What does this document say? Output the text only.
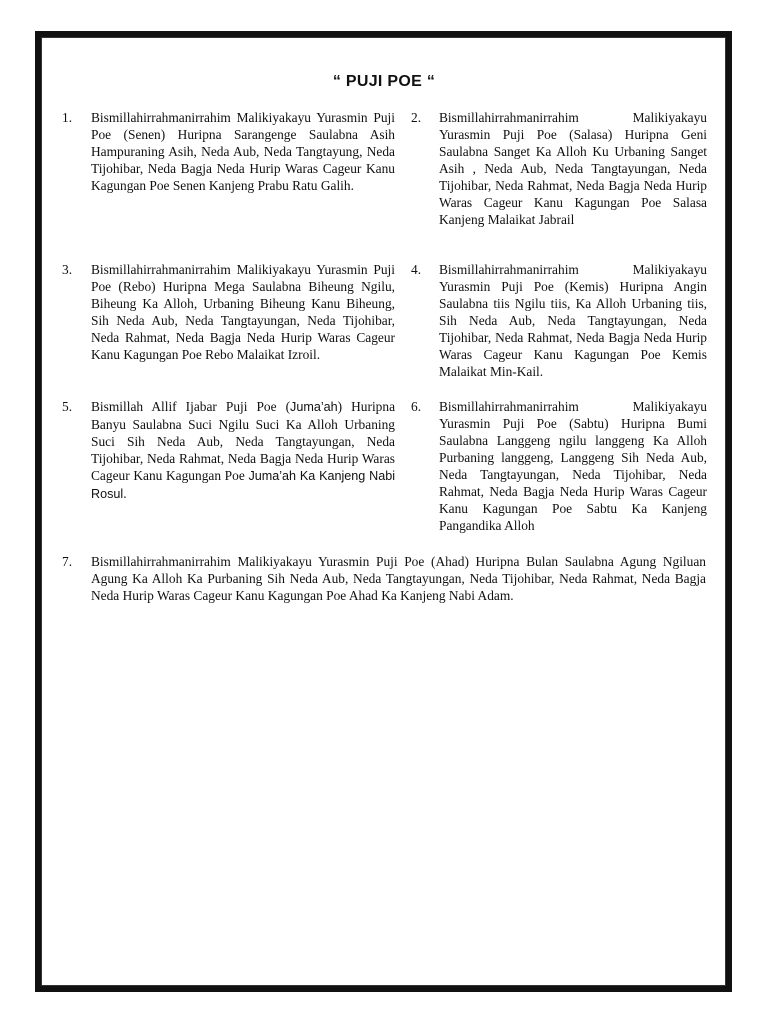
“ PUJI POE “
1. Bismillahirrahmanirrahim Malikiyakayu Yurasmin Puji Poe (Senen) Huripna Sarangenge Saulabna Asih Hampuraning Asih, Neda Aub, Neda Tangtayung, Neda Tijohibar, Neda Bagja Neda Hurip Waras Cageur Kanu Kagungan Poe Senen Kanjeng Prabu Ratu Galih.
2. Bismillahirrahmanirrahim Malikiyakayu Yurasmin Puji Poe (Salasa) Huripna Geni Saulabna Sanget Ka Alloh Ku Urbaning Sanget Asih , Neda Aub, Neda Tangtayungan, Neda Tijohibar, Neda Rahmat, Neda Bagja Neda Hurip Waras Cageur Kanu Kagungan Poe Salasa Kanjeng Malaikat Jabrail
3. Bismillahirrahmanirrahim Malikiyakayu Yurasmin Puji Poe (Rebo) Huripna Mega Saulabna Biheung Ngilu, Biheung Ka Alloh, Urbaning Biheung Kanu Biheung, Sih Neda Aub, Neda Tangtayungan, Neda Tijohibar, Neda Rahmat, Neda Bagja Neda Hurip Waras Cageur Kanu Kagungan Poe Rebo Malaikat Izroil.
4. Bismillahirrahmanirrahim Malikiyakayu Yurasmin Puji Poe (Kemis) Huripna Angin Saulabna tiis Ngilu tiis, Ka Alloh Urbaning tiis, Sih Neda Aub, Neda Tangtayungan, Neda Tijohibar, Neda Rahmat, Neda Bagja Neda Hurip Waras Cageur Kanu Kagungan Poe Kemis Malaikat Min-Kail.
5. Bismillah Allif Ijabar Puji Poe (Juma’ah) Huripna Banyu Saulabna Suci Ngilu Suci Ka Alloh Urbaning Suci Sih Neda Aub, Neda Tangtayungan, Neda Tijohibar, Neda Rahmat, Neda Bagja Neda Hurip Waras Cageur Kanu Kagungan Poe Juma’ah Ka Kanjeng Nabi Rosul.
6. Bismillahirrahmanirrahim Malikiyakayu Yurasmin Puji Poe (Sabtu) Huripna Bumi Saulabna Langgeng ngilu langgeng Ka Alloh Purbaning langgeng, Langgeng Sih Neda Aub, Neda Tangtayungan, Neda Tijohibar, Neda Rahmat, Neda Bagja Neda Hurip Waras Cageur Kanu Kagungan Poe Sabtu Ka Kanjeng Pangandika Alloh
7. Bismillahirrahmanirrahim Malikiyakayu Yurasmin Puji Poe (Ahad) Huripna Bulan Saulabna Agung Ngiluan Agung Ka Alloh Ka Purbaning Sih Neda Aub, Neda Tangtayungan, Neda Tijohibar, Neda Rahmat, Neda Bagja Neda Hurip Waras Cageur Kanu Kagungan Poe Ahad Ka Kanjeng Nabi Adam.
